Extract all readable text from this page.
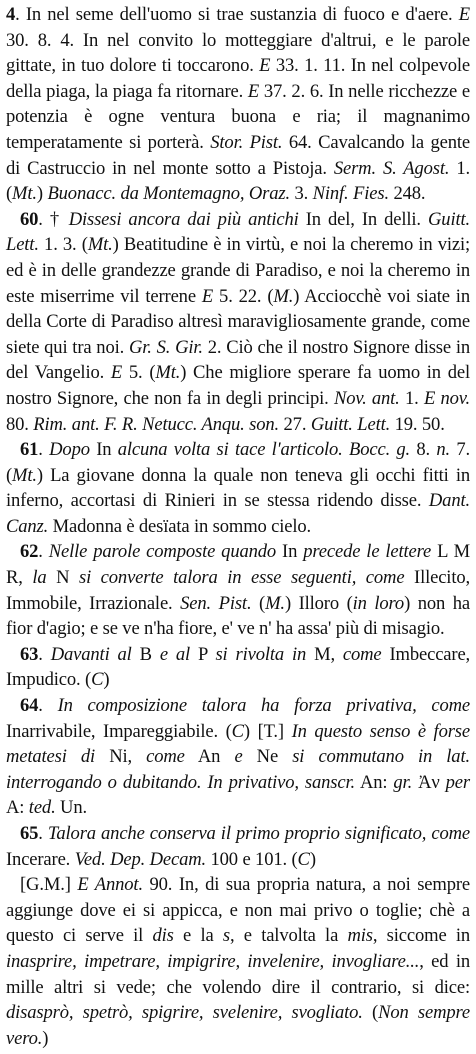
4. In nel seme dell'uomo si trae sustanzia di fuoco e d'aere. E 30. 8. 4. In nel convito lo motteggiare d'altrui, e le parole gittate, in tuo dolore ti toccarono. E 33. 1. 11. In nel colpevole della piaga, la piaga fa ritornare. E 37. 2. 6. In nelle ricchezze e potenzia è ogne ventura buona e ria; il magnanimo temperatamente si porterà. Stor. Pist. 64. Cavalcando la gente di Castruccio in nel monte sotto a Pistoja. Serm. S. Agost. 1. (Mt.) Buonacc. da Montemagno, Oraz. 3. Ninf. Fies. 248.

60. † Dissesi ancora dai più antichi In del, In delli. Guitt. Lett. 1. 3. (Mt.) Beatitudine è in virtù, e noi la cheremo in vizi; ed è in delle grandezze grande di Paradiso, e noi la cheremo in este miserrime vil terrene E 5. 22. (M.) Acciocchè voi siate in della Corte di Paradiso altresì maravigliosamente grande, come siete qui tra noi. Gr. S. Gir. 2. Ciò che il nostro Signore disse in del Vangelio. E 5. (Mt.) Che migliore sperare fa uomo in del nostro Signore, che non fa in degli principi. Nov. ant. 1. E nov. 80. Rim. ant. F. R. Netucc. Anqu. son. 27. Guitt. Lett. 19. 50.

61. Dopo In alcuna volta si tace l'articolo. Bocc. g. 8. n. 7. (Mt.) La giovane donna la quale non teneva gli occhi fitti in inferno, accortasi di Rinieri in se stessa ridendo disse. Dant. Canz. Madonna è desïata in sommo cielo.

62. Nelle parole composte quando In precede le lettere L M R, la N si converte talora in esse seguenti, come Illecito, Immobile, Irrazionale. Sen. Pist. (M.) Illoro (in loro) non ha fior d'agio; e se ve n'ha fiore, e' ve n' ha assa' più di misagio.

63. Davanti al B e al P si rivolta in M, come Imbeccare, Impudico. (C)

64. In composizione talora ha forza privativa, come Inarrivabile, Impareggiabile. (C) [T.] In questo senso è forse metatesi di Ni, come An e Ne si commutano in lat. interrogando o dubitando. In privativo, sanscr. An: gr. Ἀν per A: ted. Un.

65. Talora anche conserva il primo proprio significato, come Incerare. Ved. Dep. Decam. 100 e 101. (C)

[G.M.] E Annot. 90. In, di sua propria natura, a noi sempre aggiunge dove ei si appicca, e non mai privo o toglie; chè a questo ci serve il dis e la s, e talvolta la mis, siccome in inasprire, impetrare, impigrire, invelenire, invogliare..., ed in mille altri si vede; che volendo dire il contrario, si dice: disasprò, spetrò, spigrire, svelenire, svogliato. (Non sempre vero.)
